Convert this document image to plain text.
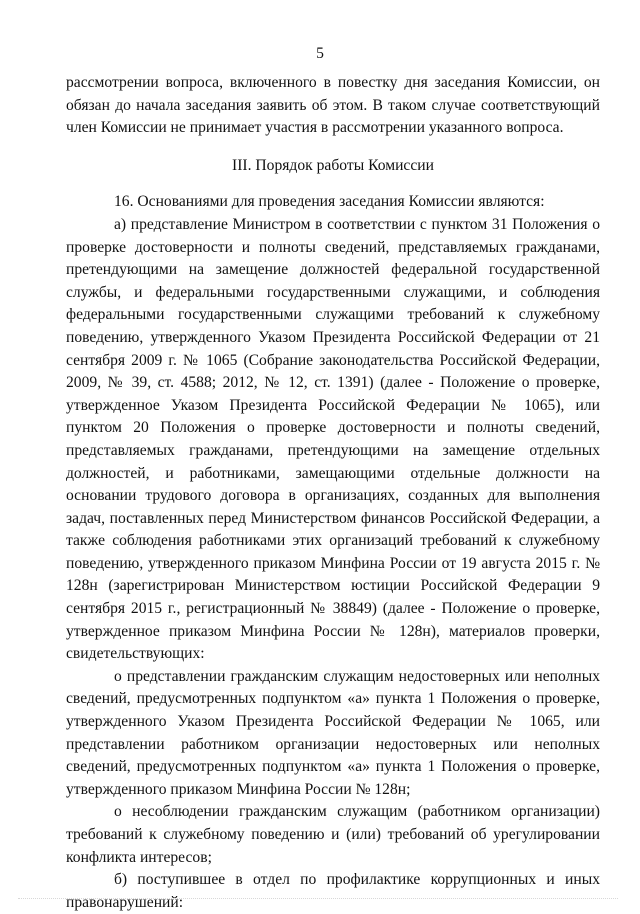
5

рассмотрении вопроса, включенного в повестку дня заседания Комиссии, он обязан до начала заседания заявить об этом. В таком случае соответствующий член Комиссии не принимает участия в рассмотрении указанного вопроса.

III. Порядок работы Комиссии

16. Основаниями для проведения заседания Комиссии являются:

а) представление Министром в соответствии с пунктом 31 Положения о проверке достоверности и полноты сведений, представляемых гражданами, претендующими на замещение должностей федеральной государственной службы, и федеральными государственными служащими, и соблюдения федеральными государственными служащими требований к служебному поведению, утвержденного Указом Президента Российской Федерации от 21 сентября 2009 г. № 1065 (Собрание законодательства Российской Федерации, 2009, № 39, ст. 4588; 2012, № 12, ст. 1391) (далее - Положение о проверке, утвержденное Указом Президента Российской Федерации № 1065), или пунктом 20 Положения о проверке достоверности и полноты сведений, представляемых гражданами, претендующими на замещение отдельных должностей, и работниками, замещающими отдельные должности на основании трудового договора в организациях, созданных для выполнения задач, поставленных перед Министерством финансов Российской Федерации, а также соблюдения работниками этих организаций требований к служебному поведению, утвержденного приказом Минфина России от 19 августа 2015 г. № 128н (зарегистрирован Министерством юстиции Российской Федерации 9 сентября 2015 г., регистрационный № 38849) (далее - Положение о проверке, утвержденное приказом Минфина России № 128н), материалов проверки, свидетельствующих:

о представлении гражданским служащим недостоверных или неполных сведений, предусмотренных подпунктом «а» пункта 1 Положения о проверке, утвержденного Указом Президента Российской Федерации № 1065, или представлении работником организации недостоверных или неполных сведений, предусмотренных подпунктом «а» пункта 1 Положения о проверке, утвержденного приказом Минфина России № 128н;

о несоблюдении гражданским служащим (работником организации) требований к служебному поведению и (или) требований об урегулировании конфликта интересов;

б) поступившее в отдел по профилактике коррупционных и иных правонарушений:
